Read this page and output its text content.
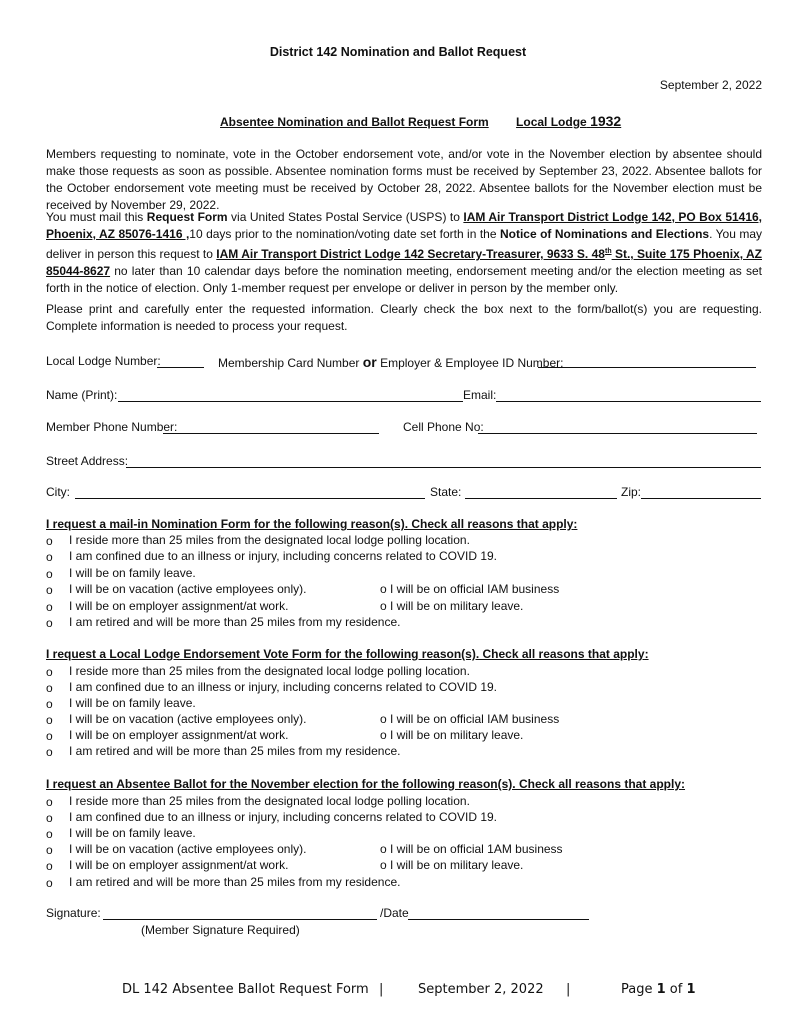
District 142 Nomination and Ballot Request
September 2, 2022
Absentee Nomination and Ballot Request Form Local Lodge 1932
Members requesting to nominate, vote in the October endorsement vote, and/or vote in the November election by absentee should make those requests as soon as possible. Absentee nomination forms must be received by September 23, 2022. Absentee ballots for the October endorsement vote meeting must be received by October 28, 2022. Absentee ballots for the November election must be received by November 29, 2022.
You must mail this Request Form via United States Postal Service (USPS) to IAM Air Transport District Lodge 142, PO Box 51416, Phoenix, AZ 85076-1416 ,10 days prior to the nomination/voting date set forth in the Notice of Nominations and Elections. You may deliver in person this request to IAM Air Transport District Lodge 142 Secretary-Treasurer, 9633 S. 48th St., Suite 175 Phoenix, AZ 85044-8627 no later than 10 calendar days before the nomination meeting, endorsement meeting and/or the election meeting as set forth in the notice of election. Only 1-member request per envelope or deliver in person by the member only.
Please print and carefully enter the requested information. Clearly check the box next to the form/ballot(s) you are requesting. Complete information is needed to process your request.
Local Lodge Number:	Membership Card Number or Employer & Employee ID Number:
Name (Print):	Email:
Member Phone Number:	Cell Phone No:
Street Address:
City:	State:	Zip:
I request a mail-in Nomination Form for the following reason(s). Check all reasons that apply:
o I reside more than 25 miles from the designated local lodge polling location.
o I am confined due to an illness or injury, including concerns related to COVID 19.
o I will be on family leave.
o I will be on vacation (active employees only).	o I will be on official IAM business
o I will be on employer assignment/at work.	o I will be on military leave.
o I am retired and will be more than 25 miles from my residence.
I request a Local Lodge Endorsement Vote Form for the following reason(s). Check all reasons that apply:
o I reside more than 25 miles from the designated local lodge polling location.
o I am confined due to an illness or injury, including concerns related to COVID 19.
o I will be on family leave.
o I will be on vacation (active employees only).	o I will be on official IAM business
o I will be on employer assignment/at work.	o I will be on military leave.
o I am retired and will be more than 25 miles from my residence.
I request an Absentee Ballot for the November election for the following reason(s). Check all reasons that apply:
o I reside more than 25 miles from the designated local lodge polling location.
o I am confined due to an illness or injury, including concerns related to COVID 19.
o I will be on family leave.
o I will be on vacation (active employees only).	o I will be on official 1AM business
o I will be on employer assignment/at work.	o I will be on military leave.
o I am retired and will be more than 25 miles from my residence.
Signature:	/Date
(Member Signature Required)
DL 142 Absentee Ballot Request Form |	September 2, 2022 |	Page 1 of 1
